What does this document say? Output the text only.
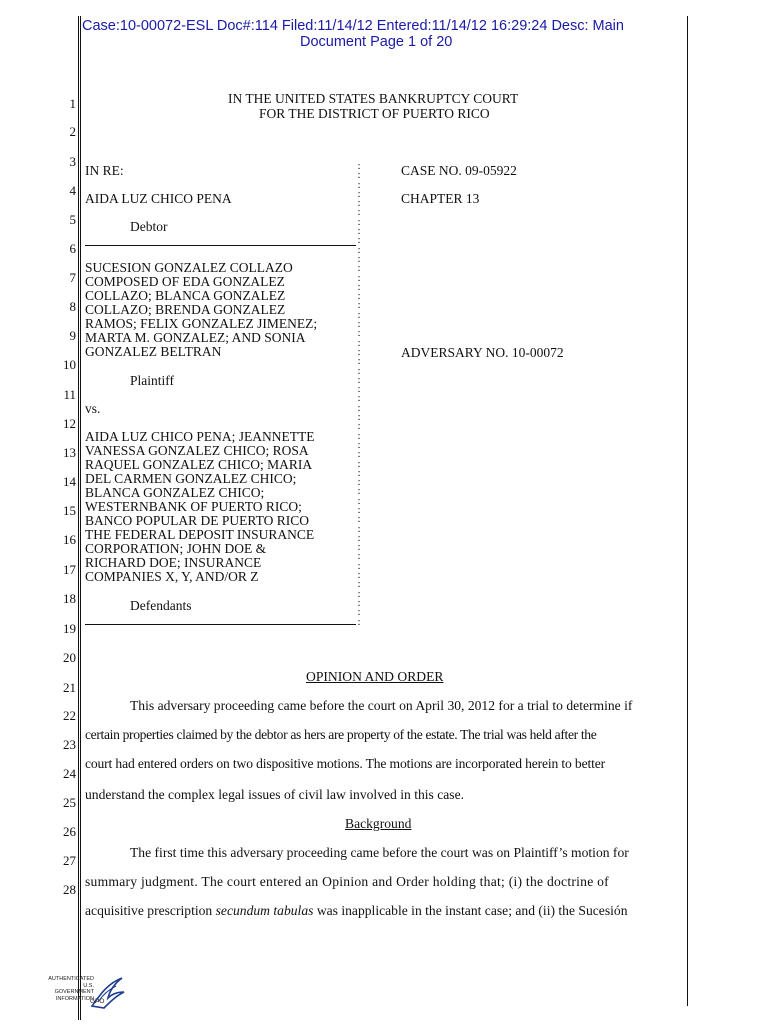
Case:10-00072-ESL Doc#:114 Filed:11/14/12 Entered:11/14/12 16:29:24 Desc: Main
Document Page 1 of 20
IN THE UNITED STATES BANKRUPTCY COURT
FOR THE DISTRICT OF PUERTO RICO
1
2
3
4
5
6
7
8
9
10
11
12
13
14
15
16
17
18
19
20
21
22
23
24
25
26
27
28
IN RE:
AIDA LUZ CHICO PENA
Debtor
SUCESION GONZALEZ COLLAZO
COMPOSED OF EDA GONZALEZ
COLLAZO; BLANCA GONZALEZ
COLLAZO; BRENDA GONZALEZ
RAMOS; FELIX GONZALEZ JIMENEZ;
MARTA M. GONZALEZ; AND SONIA
GONZALEZ BELTRAN
Plaintiff
vs.
AIDA LUZ CHICO PENA; JEANNETTE
VANESSA GONZALEZ CHICO; ROSA
RAQUEL GONZALEZ CHICO; MARIA
DEL CARMEN GONZALEZ CHICO;
BLANCA GONZALEZ CHICO;
WESTERNBANK OF PUERTO RICO;
BANCO POPULAR DE PUERTO RICO
THE FEDERAL DEPOSIT INSURANCE
CORPORATION; JOHN DOE &
RICHARD DOE; INSURANCE
COMPANIES X, Y, AND/OR Z
Defendants
:
:
:
:
:
:
:
:
:
:
:
:
:
:
:
:
:
:
:
:
:
:
:
:
:
:
:
:
:
:
:
:
:
:
:
:
:
:
:
:
:
:
:
:
:
:
:
:
:
:

CASE NO. 09-05922
CHAPTER 13
ADVERSARY NO. 10-00072
OPINION AND ORDER
This adversary proceeding came before the court on April 30, 2012 for a trial to determine if
certain properties claimed by the debtor as hers are property of the estate. The trial was held after the
court had entered orders on two dispositive motions. The motions are incorporated herein to better
understand the complex legal issues of civil law involved in this case.
Background
The first time this adversary proceeding came before the court was on Plaintiff’s motion for
summary judgment. The court entered an Opinion and Order holding that; (i) the doctrine of
acquisitive prescription secundum tabulas was inapplicable in the instant case; and (ii) the Sucesión
AUTHENTICATED
U.S. GOVERNMENT
INFORMATION
GPO
